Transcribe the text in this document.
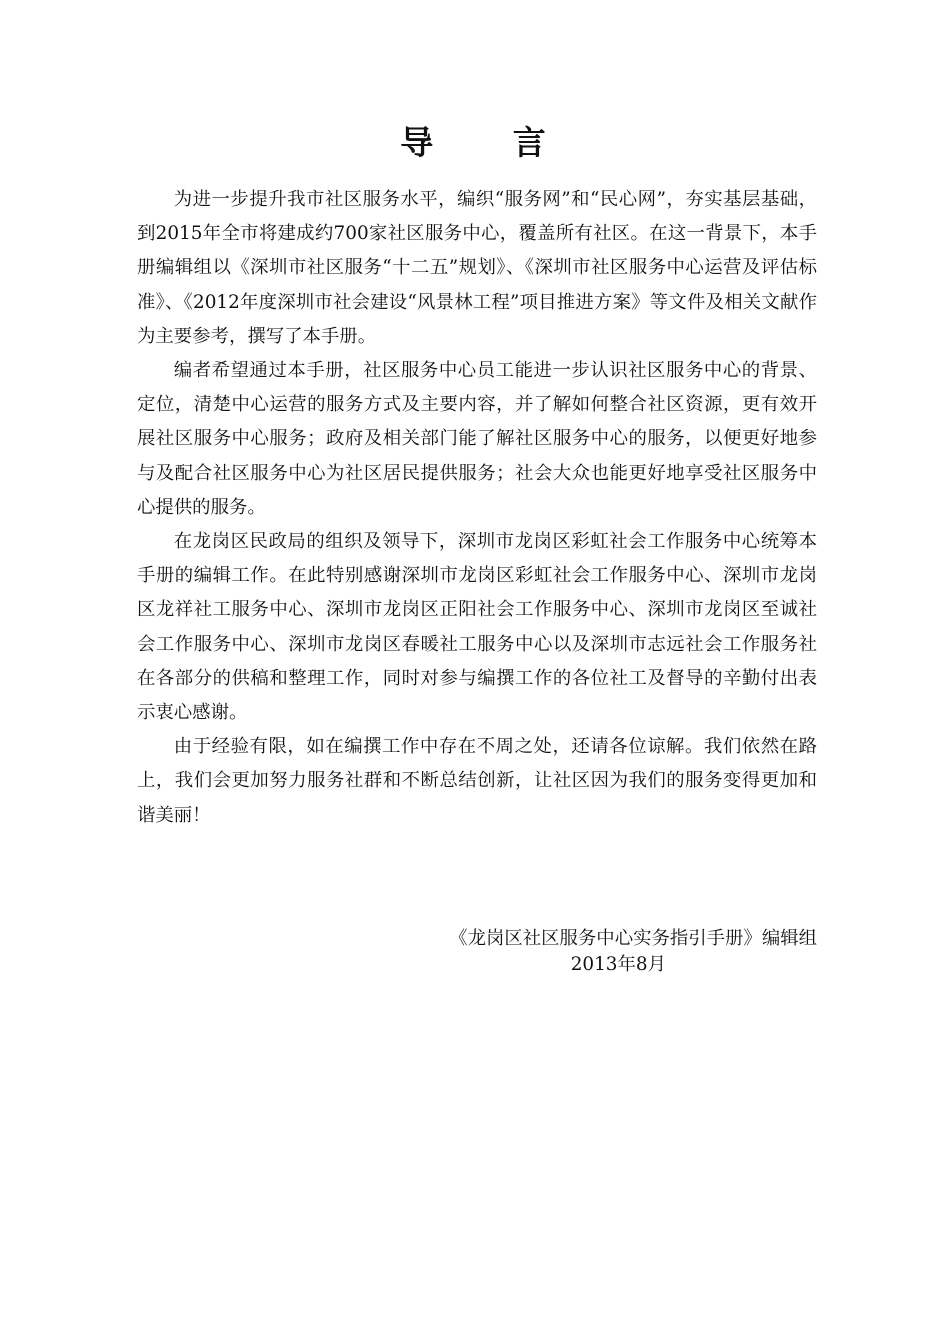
导 言

为进一步提升我市社区服务水平，编织“服务网”和“民心网”，夯实基层基础，到2015年全市将建成约700家社区服务中心，覆盖所有社区。在这一背景下，本手册编辑组以《深圳市社区服务“十二五”规划》、《深圳市社区服务中心运营及评估标准》、《2012年度深圳市社会建设“风景林工程”项目推进方案》等文件及相关文献作为主要参考，撰写了本手册。

编者希望通过本手册，社区服务中心员工能进一步认识社区服务中心的背景、定位，清楚中心运营的服务方式及主要内容，并了解如何整合社区资源，更有效开展社区服务中心服务；政府及相关部门能了解社区服务中心的服务，以便更好地参与及配合社区服务中心为社区居民提供服务；社会大众也能更好地享受社区服务中心提供的服务。

在龙岗区民政局的组织及领导下，深圳市龙岗区彩虹社会工作服务中心统筹本手册的编辑工作。在此特别感谢深圳市龙岗区彩虹社会工作服务中心、深圳市龙岗区龙祥社工服务中心、深圳市龙岗区正阳社会工作服务中心、深圳市龙岗区至诚社会工作服务中心、深圳市龙岗区春暖社工服务中心以及深圳市志远社会工作服务社在各部分的供稿和整理工作，同时对参与编撰工作的各位社工及督导的辛勤付出表示衷心感谢。

由于经验有限，如在编撰工作中存在不周之处，还请各位谅解。我们依然在路上，我们会更加努力服务社群和不断总结创新，让社区因为我们的服务变得更加和谐美丽！

《龙岗区社区服务中心实务指引手册》编辑组
2013年8月
